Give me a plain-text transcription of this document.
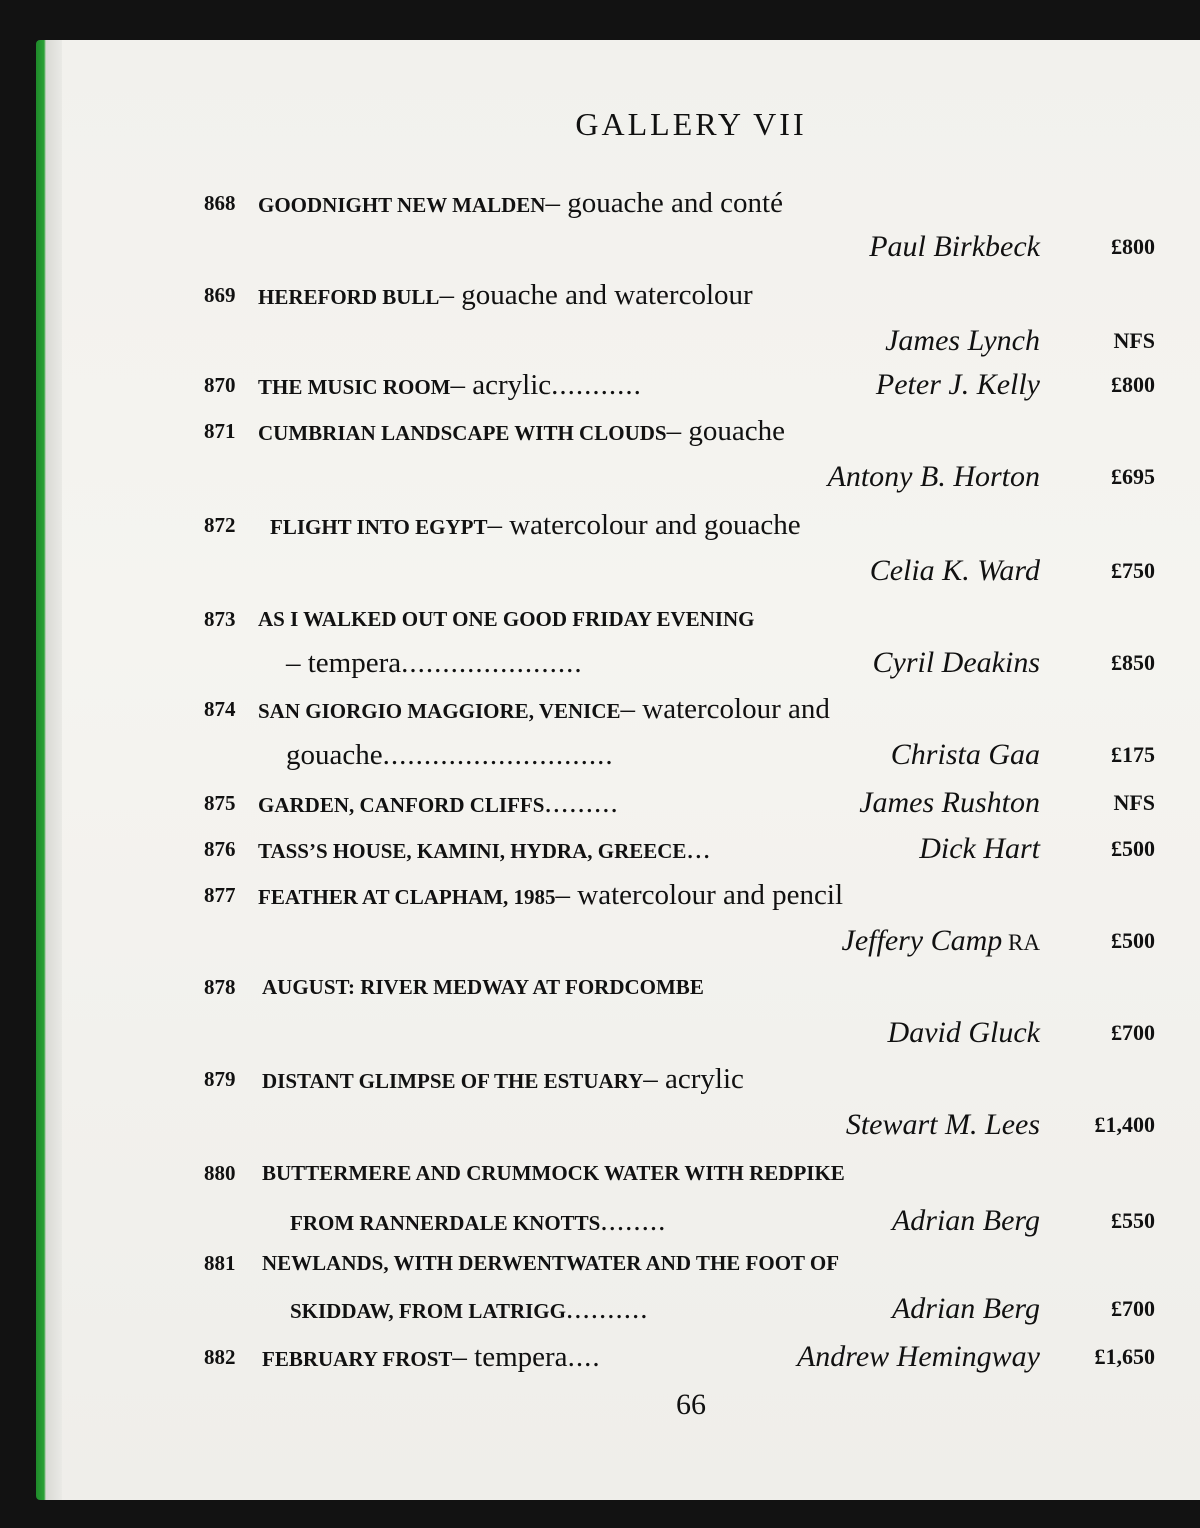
GALLERY VII
868 GOODNIGHT NEW MALDEN – gouache and conté
Paul Birkbeck	£800
869 HEREFORD BULL – gouache and watercolour
James Lynch	NFS
870 THE MUSIC ROOM – acrylic ...........	Peter J. Kelly	£800
871 CUMBRIAN LANDSCAPE WITH CLOUDS – gouache
Antony B. Horton	£695
872 FLIGHT INTO EGYPT – watercolour and gouache
Celia K. Ward	£750
873 AS I WALKED OUT ONE GOOD FRIDAY EVENING
– tempera ......................	Cyril Deakins	£850
874 SAN GIORGIO MAGGIORE, VENICE – watercolour and
gouache ............................	Christa Gaa	£175
875 GARDEN, CANFORD CLIFFS .........	James Rushton	NFS
876 TASS’S HOUSE, KAMINI, HYDRA, GREECE ...	Dick Hart	£500
877 FEATHER AT CLAPHAM, 1985 – watercolour and pencil
Jeffery Camp RA	£500
878 AUGUST: RIVER MEDWAY AT FORDCOMBE
David Gluck	£700
879 DISTANT GLIMPSE OF THE ESTUARY – acrylic
Stewart M. Lees £1,400
880 BUTTERMERE AND CRUMMOCK WATER WITH REDPIKE
FROM RANNERDALE KNOTTS ........	Adrian Berg	£550
881 NEWLANDS, WITH DERWENTWATER AND THE FOOT OF
SKIDDAW, FROM LATRIGG ..........	Adrian Berg	£700
882 FEBRUARY FROST – tempera ....	Andrew Hemingway £1,650
66
